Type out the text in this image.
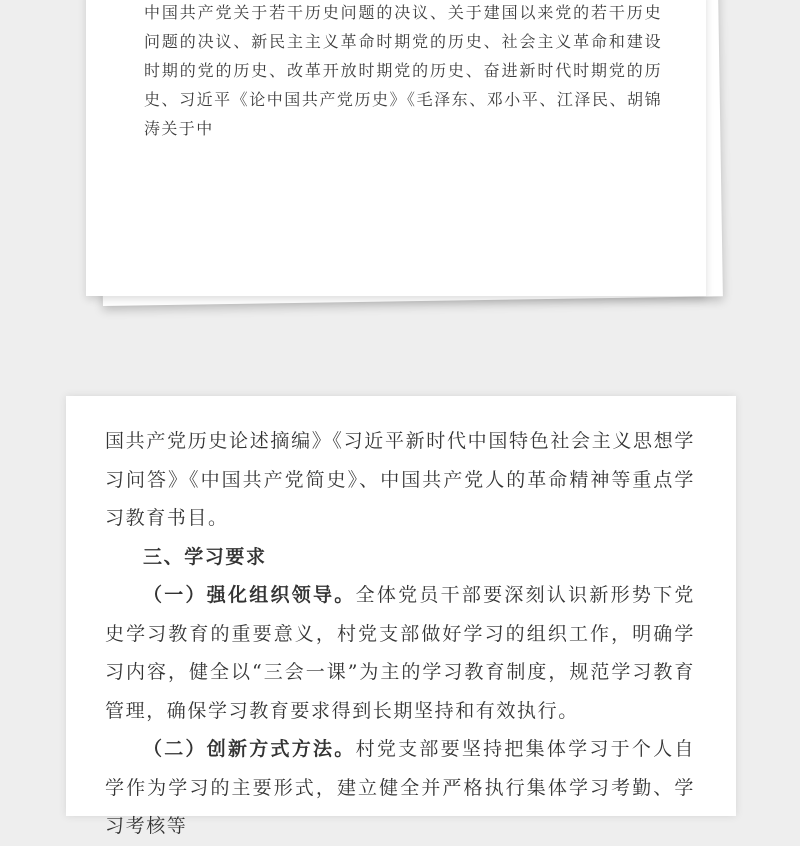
中国共产党关于若干历史问题的决议、关于建国以来党的若干历史问题的决议、新民主主义革命时期党的历史、社会主义革命和建设时期的党的历史、改革开放时期党的历史、奋进新时代时期党的历史、习近平《论中国共产党历史》《毛泽东、邓小平、江泽民、胡锦涛关于中

国共产党历史论述摘编》《习近平新时代中国特色社会主义思想学习问答》《中国共产党简史》、中国共产党人的革命精神等重点学习教育书目。

三、学习要求

（一）强化组织领导。全体党员干部要深刻认识新形势下党史学习教育的重要意义，村党支部做好学习的组织工作，明确学习内容，健全以“三会一课”为主的学习教育制度，规范学习教育管理，确保学习教育要求得到长期坚持和有效执行。

（二）创新方式方法。村党支部要坚持把集体学习于个人自学作为学习的主要形式，建立健全并严格执行集体学习考勤、学习考核等
